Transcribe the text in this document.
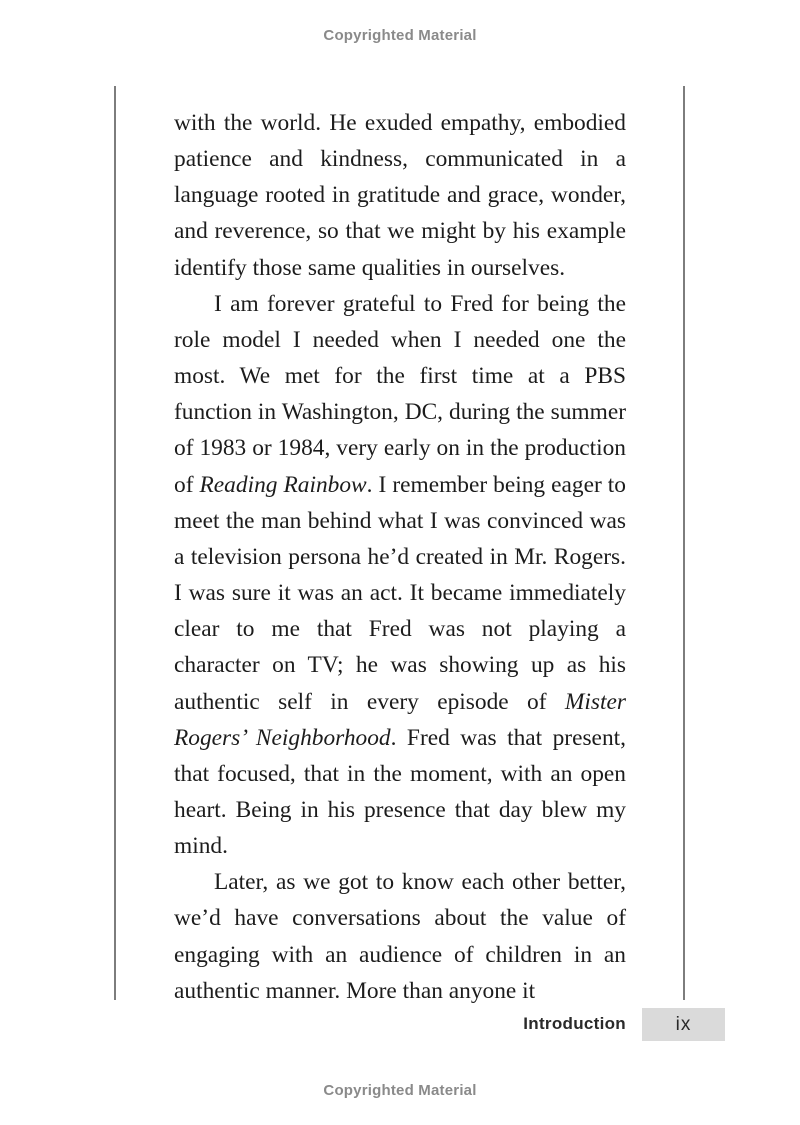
Copyrighted Material

with the world. He exuded empathy, embodied patience and kindness, communicated in a language rooted in gratitude and grace, wonder, and reverence, so that we might by his example identify those same qualities in ourselves.

I am forever grateful to Fred for being the role model I needed when I needed one the most. We met for the first time at a PBS function in Washington, DC, during the summer of 1983 or 1984, very early on in the production of Reading Rainbow. I remember being eager to meet the man behind what I was convinced was a television persona he’d created in Mr. Rogers. I was sure it was an act. It became immediately clear to me that Fred was not playing a character on TV; he was showing up as his authentic self in every episode of Mister Rogers’ Neighborhood. Fred was that present, that focused, that in the moment, with an open heart. Being in his presence that day blew my mind.

Later, as we got to know each other better, we’d have conversations about the value of engaging with an audience of children in an authentic manner. More than anyone it

Introduction	ix
Copyrighted Material
